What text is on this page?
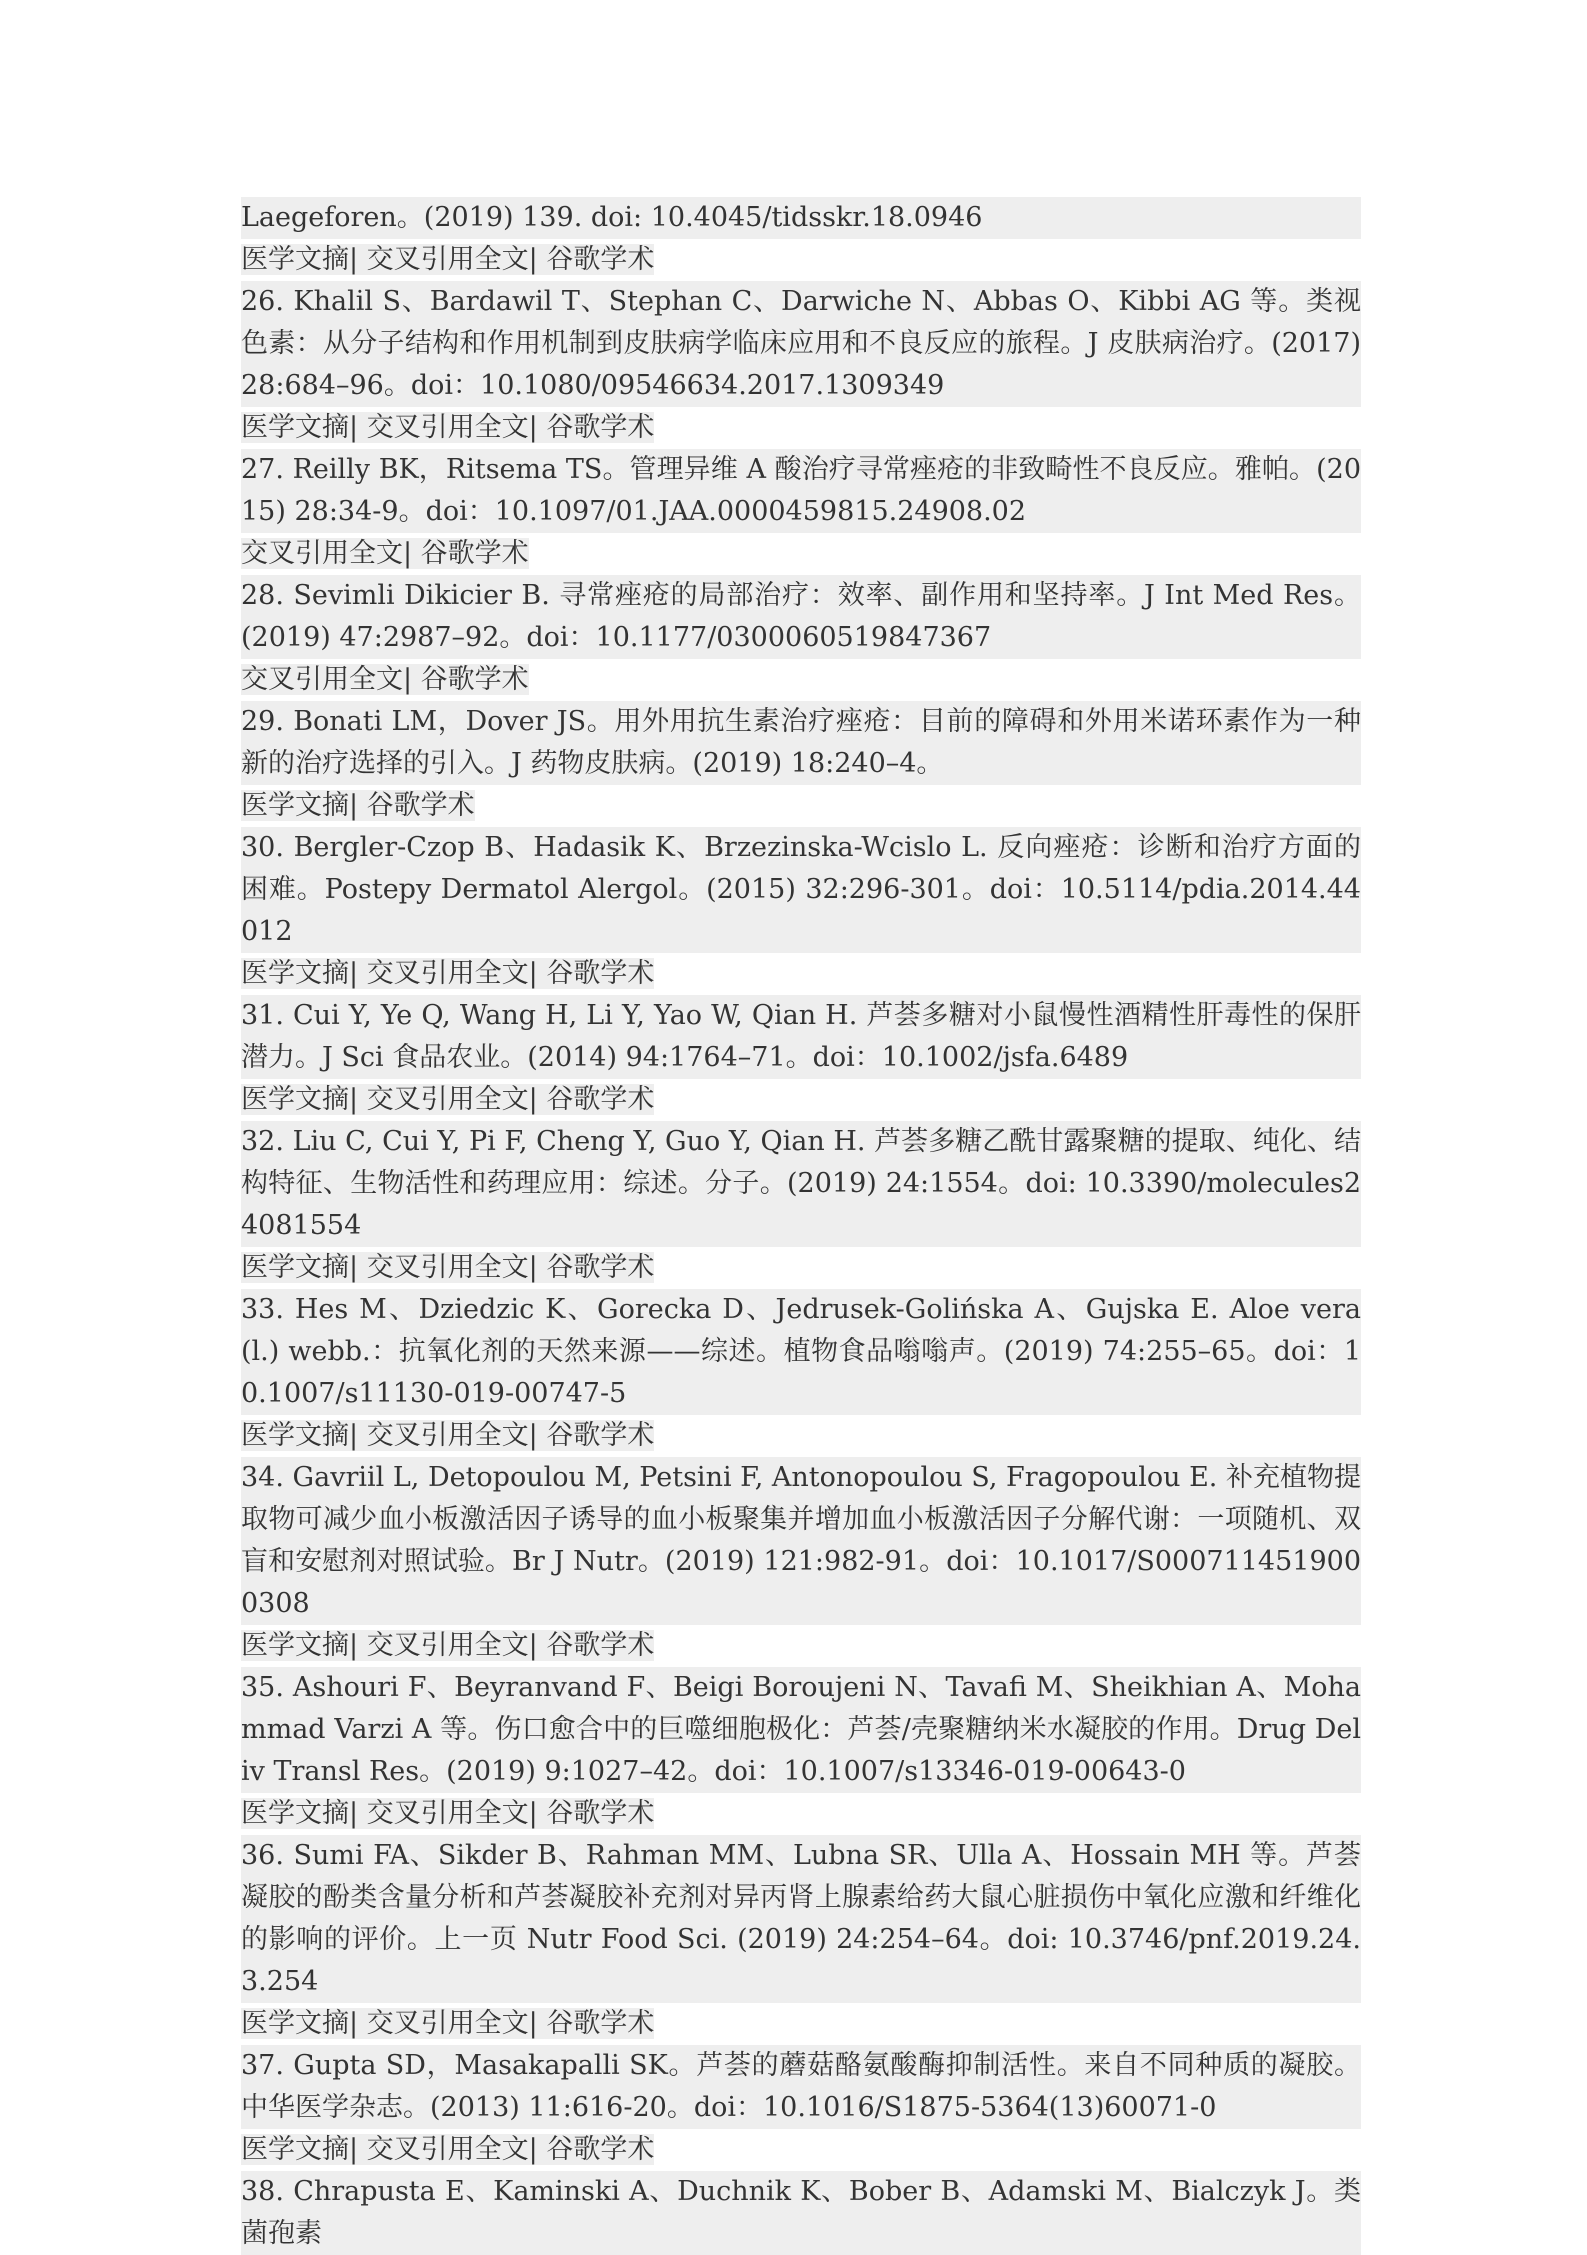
Laegeforen。(2019) 139. doi: 10.4045/tidsskr.18.0946

医学文摘| 交叉引用全文| 谷歌学术

26. Khalil S、Bardawil T、Stephan C、Darwiche N、Abbas O、Kibbi AG 等。类视色素：从分子结构和作用机制到皮肤病学临床应用和不良反应的旅程。J 皮肤病治疗。(2017) 28:684–96。doi：10.1080/09546634.2017.1309349

医学文摘| 交叉引用全文| 谷歌学术

27. Reilly BK，Ritsema TS。管理异维 A 酸治疗寻常痤疮的非致畸性不良反应。雅帕。(2015) 28:34-9。doi：10.1097/01.JAA.0000459815.24908.02

交叉引用全文| 谷歌学术

28. Sevimli Dikicier B. 寻常痤疮的局部治疗：效率、副作用和坚持率。J Int Med Res。(2019) 47:2987–92。doi：10.1177/0300060519847367

交叉引用全文| 谷歌学术

29. Bonati LM，Dover JS。用外用抗生素治疗痤疮：目前的障碍和外用米诺环素作为一种新的治疗选择的引入。J 药物皮肤病。(2019) 18:240–4。

医学文摘| 谷歌学术

30. Bergler-Czop B、Hadasik K、Brzezinska-Wcislo L. 反向痤疮：诊断和治疗方面的困难。Postepy Dermatol Alergol。(2015) 32:296-301。doi：10.5114/pdia.2014.44012

医学文摘| 交叉引用全文| 谷歌学术

31. Cui Y, Ye Q, Wang H, Li Y, Yao W, Qian H. 芦荟多糖对小鼠慢性酒精性肝毒性的保肝潜力。J Sci 食品农业。(2014) 94:1764–71。doi：10.1002/jsfa.6489

医学文摘| 交叉引用全文| 谷歌学术

32. Liu C, Cui Y, Pi F, Cheng Y, Guo Y, Qian H. 芦荟多糖乙酰甘露聚糖的提取、纯化、结构特征、生物活性和药理应用：综述。分子。(2019) 24:1554。doi: 10.3390/molecules24081554

医学文摘| 交叉引用全文| 谷歌学术

33. Hes M、Dziedzic K、Gorecka D、Jedrusek-Golińska A、Gujska E. Aloe vera (l.) webb.：抗氧化剂的天然来源——综述。植物食品嗡嗡声。(2019) 74:255–65。doi：10.1007/s11130-019-00747-5

医学文摘| 交叉引用全文| 谷歌学术

34. Gavriil L, Detopoulou M, Petsini F, Antonopoulou S, Fragopoulou E. 补充植物提取物可减少血小板激活因子诱导的血小板聚集并增加血小板激活因子分解代谢：一项随机、双盲和安慰剂对照试验。Br J Nutr。(2019) 121:982-91。doi：10.1017/S0007114519000308

医学文摘| 交叉引用全文| 谷歌学术

35. Ashouri F、Beyranvand F、Beigi Boroujeni N、Tavafi M、Sheikhian A、Mohammad Varzi A 等。伤口愈合中的巨噬细胞极化：芦荟/壳聚糖纳米水凝胶的作用。Drug Deliv Transl Res。(2019) 9:1027–42。doi：10.1007/s13346-019-00643-0

医学文摘| 交叉引用全文| 谷歌学术

36. Sumi FA、Sikder B、Rahman MM、Lubna SR、Ulla A、Hossain MH 等。芦荟凝胶的酚类含量分析和芦荟凝胶补充剂对异丙肾上腺素给药大鼠心脏损伤中氧化应激和纤维化的影响的评价。上一页 Nutr Food Sci. (2019) 24:254–64。doi: 10.3746/pnf.2019.24.3.254

医学文摘| 交叉引用全文| 谷歌学术

37. Gupta SD，Masakapalli SK。芦荟的蘑菇酪氨酸酶抑制活性。来自不同种质的凝胶。中华医学杂志。(2013) 11:616-20。doi：10.1016/S1875-5364(13)60071-0

医学文摘| 交叉引用全文| 谷歌学术

38. Chrapusta E、Kaminski A、Duchnik K、Bober B、Adamski M、Bialczyk J。类菌孢素
